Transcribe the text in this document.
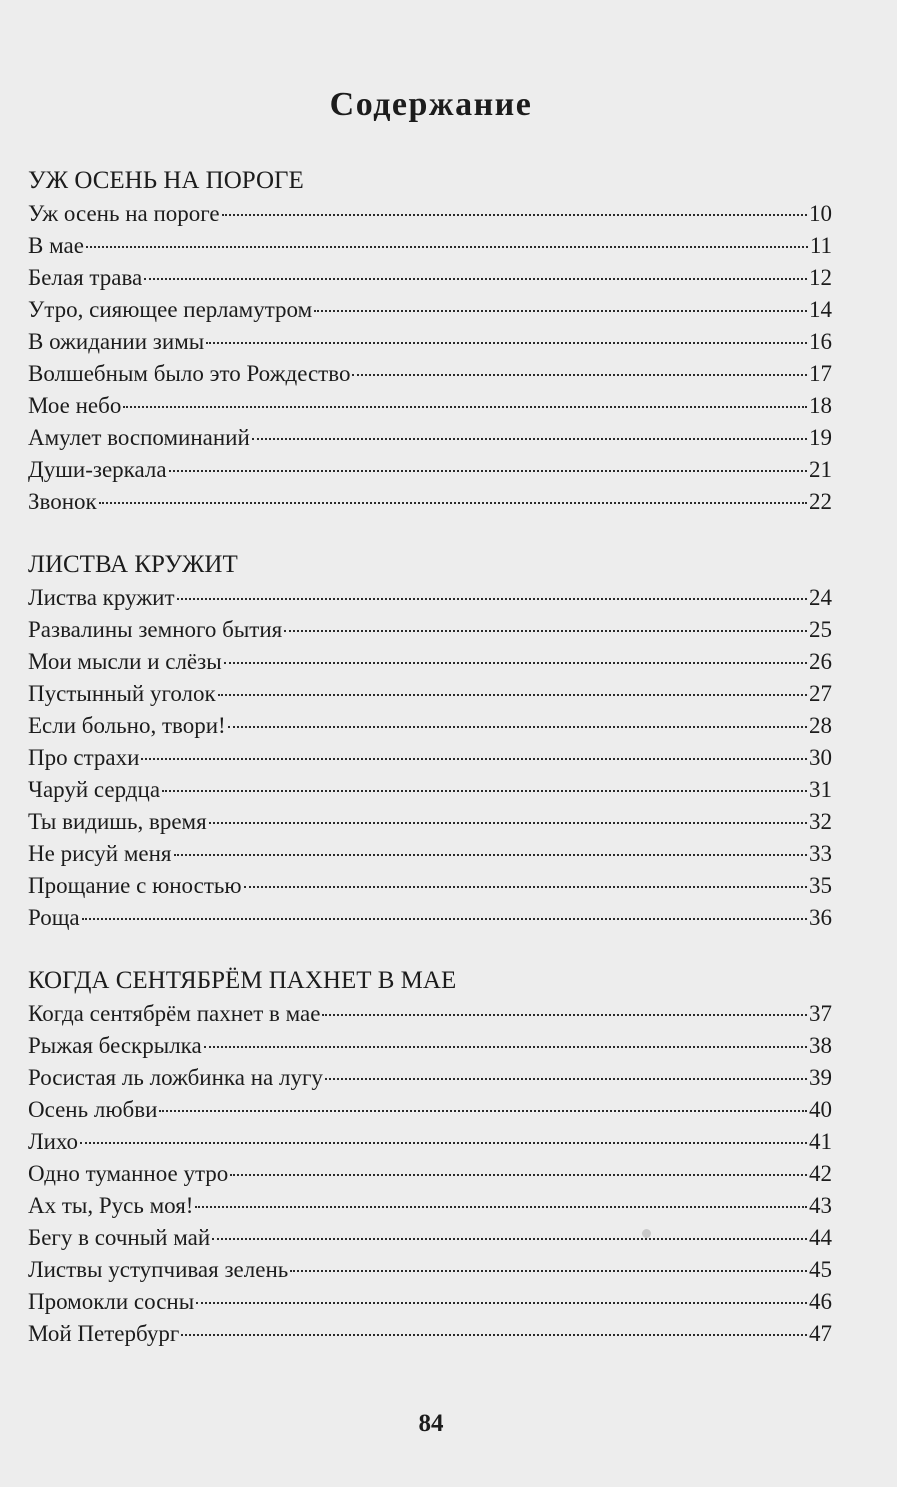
Содержание
УЖ ОСЕНЬ НА ПОРОГЕ
Уж осень на пороге	10
В мае	11
Белая трава	12
Утро, сияющее перламутром	14
В ожидании зимы	16
Волшебным было это Рождество	17
Мое небо	18
Амулет воспоминаний	19
Души-зеркала	21
Звонок	22
ЛИСТВА КРУЖИТ
Листва кружит	24
Развалины земного бытия	25
Мои мысли и слёзы	26
Пустынный уголок	27
Если больно, твори!	28
Про страхи	30
Чаруй сердца	31
Ты видишь, время	32
Не рисуй меня	33
Прощание с юностью	35
Роща	36
КОГДА СЕНТЯБРЁМ ПАХНЕТ В МАЕ
Когда сентябрём пахнет в мае	37
Рыжая бескрылка	38
Росистая ль ложбинка на лугу	39
Осень любви	40
Лихо	41
Одно туманное утро	42
Ах ты, Русь моя!	43
Бегу в сочный май	44
Листвы уступчивая зелень	45
Промокли сосны	46
Мой Петербург	47
84
